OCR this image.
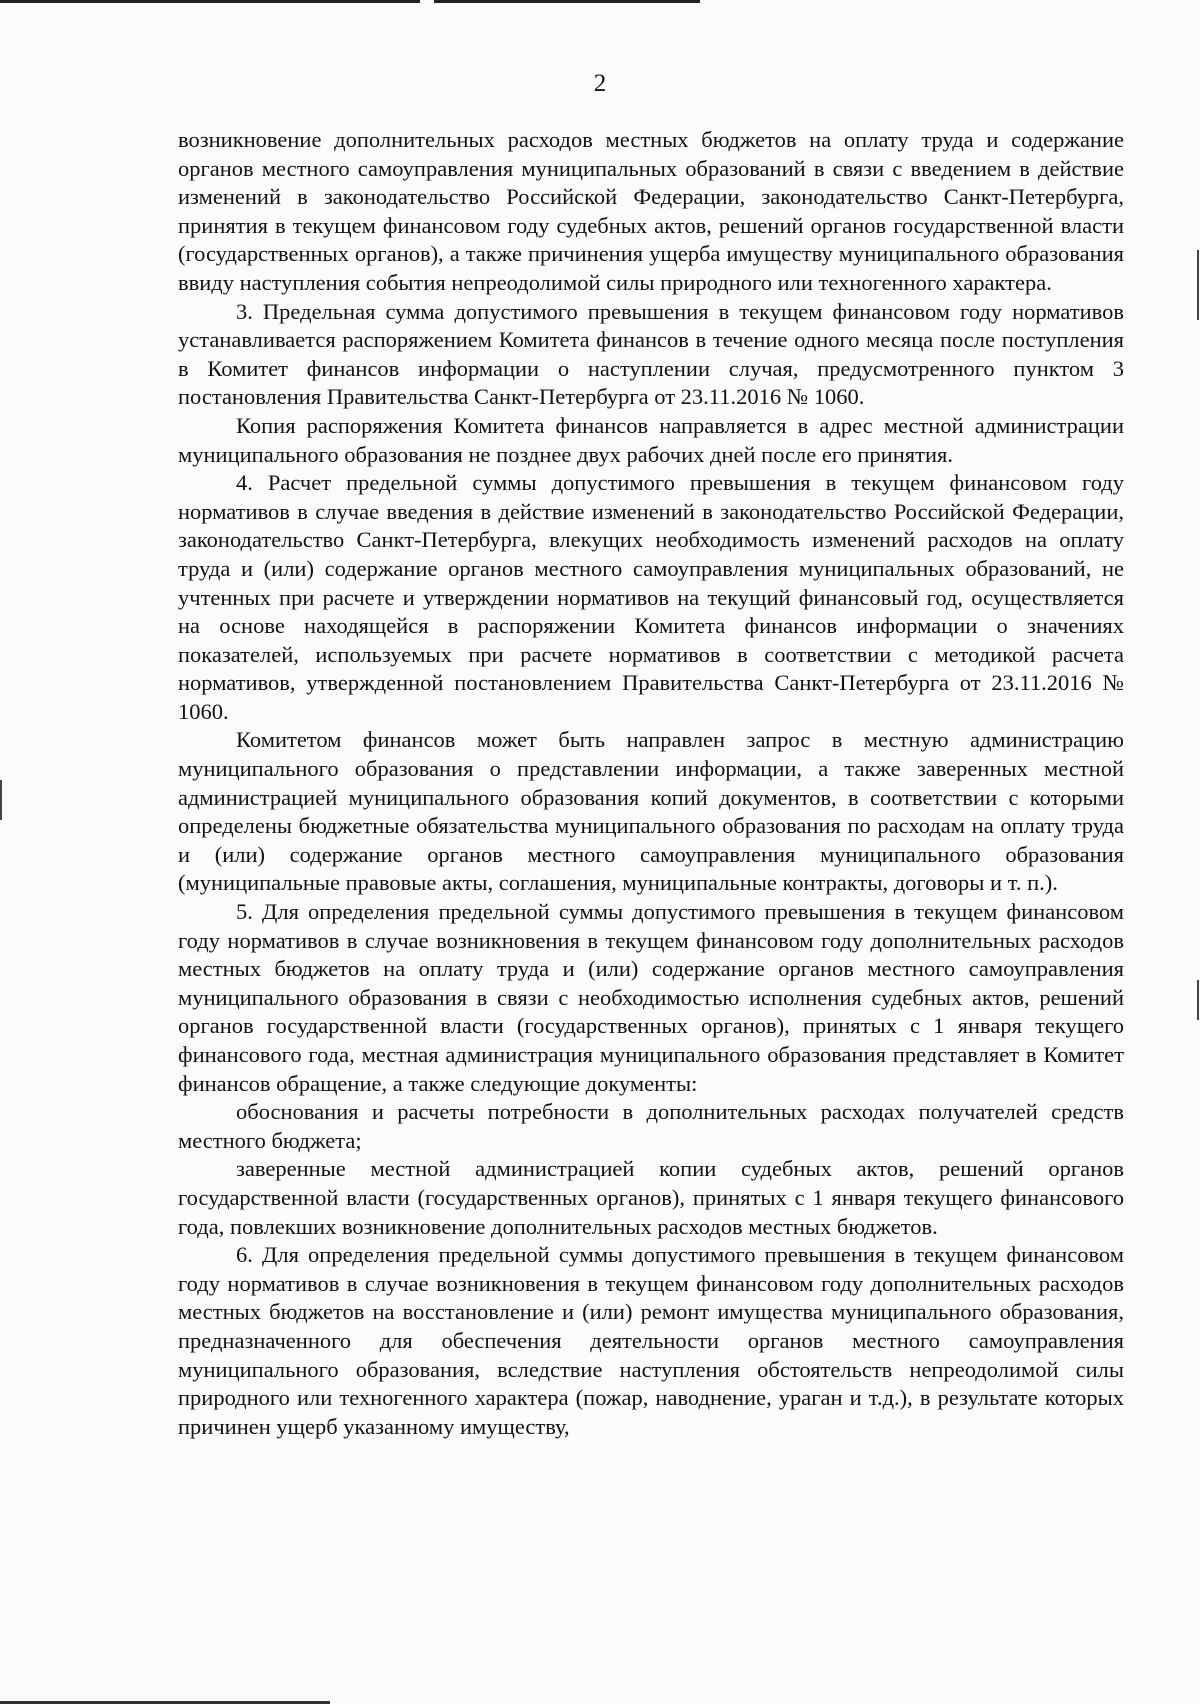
2

возникновение дополнительных расходов местных бюджетов на оплату труда и содержание органов местного самоуправления муниципальных образований в связи с введением в действие изменений в законодательство Российской Федерации, законодательство Санкт-Петербурга, принятия в текущем финансовом году судебных актов, решений органов государственной власти (государственных органов), а также причинения ущерба имуществу муниципального образования ввиду наступления события непреодолимой силы природного или техногенного характера.

3. Предельная сумма допустимого превышения в текущем финансовом году нормативов устанавливается распоряжением Комитета финансов в течение одного месяца после поступления в Комитет финансов информации о наступлении случая, предусмотренного пунктом 3 постановления Правительства Санкт-Петербурга от 23.11.2016 № 1060.

Копия распоряжения Комитета финансов направляется в адрес местной администрации муниципального образования не позднее двух рабочих дней после его принятия.

4. Расчет предельной суммы допустимого превышения в текущем финансовом году нормативов в случае введения в действие изменений в законодательство Российской Федерации, законодательство Санкт-Петербурга, влекущих необходимость изменений расходов на оплату труда и (или) содержание органов местного самоуправления муниципальных образований, не учтенных при расчете и утверждении нормативов на текущий финансовый год, осуществляется на основе находящейся в распоряжении Комитета финансов информации о значениях показателей, используемых при расчете нормативов в соответствии с методикой расчета нормативов, утвержденной постановлением Правительства Санкт-Петербурга от 23.11.2016 № 1060.

Комитетом финансов может быть направлен запрос в местную администрацию муниципального образования о представлении информации, а также заверенных местной администрацией муниципального образования копий документов, в соответствии с которыми определены бюджетные обязательства муниципального образования по расходам на оплату труда и (или) содержание органов местного самоуправления муниципального образования (муниципальные правовые акты, соглашения, муниципальные контракты, договоры и т. п.).

5. Для определения предельной суммы допустимого превышения в текущем финансовом году нормативов в случае возникновения в текущем финансовом году дополнительных расходов местных бюджетов на оплату труда и (или) содержание органов местного самоуправления муниципального образования в связи с необходимостью исполнения судебных актов, решений органов государственной власти (государственных органов), принятых с 1 января текущего финансового года, местная администрация муниципального образования представляет в Комитет финансов обращение, а также следующие документы:

обоснования и расчеты потребности в дополнительных расходах получателей средств местного бюджета;

заверенные местной администрацией копии судебных актов, решений органов государственной власти (государственных органов), принятых с 1 января текущего финансового года, повлекших возникновение дополнительных расходов местных бюджетов.

6. Для определения предельной суммы допустимого превышения в текущем финансовом году нормативов в случае возникновения в текущем финансовом году дополнительных расходов местных бюджетов на восстановление и (или) ремонт имущества муниципального образования, предназначенного для обеспечения деятельности органов местного самоуправления муниципального образования, вследствие наступления обстоятельств непреодолимой силы природного или техногенного характера (пожар, наводнение, ураган и т.д.), в результате которых причинен ущерб указанному имуществу,
